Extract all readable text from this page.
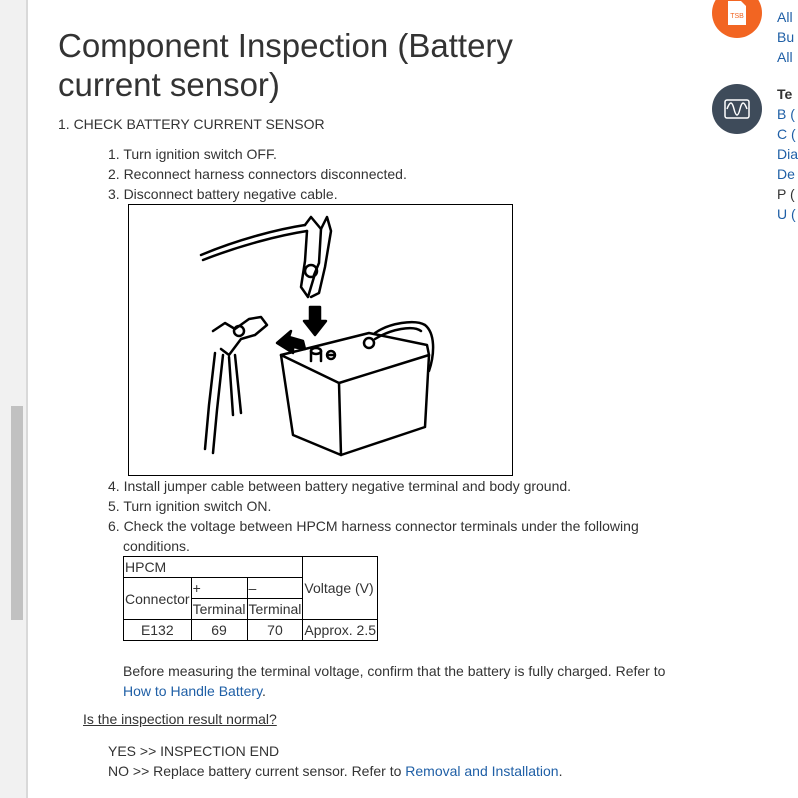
Component Inspection (Battery current sensor)
1. CHECK BATTERY CURRENT SENSOR
1. Turn ignition switch OFF.
2. Reconnect harness connectors disconnected.
3. Disconnect battery negative cable.
4. Install jumper cable between battery negative terminal and body ground.
5. Turn ignition switch ON.
6. Check the voltage between HPCM harness connector terminals under the following
conditions.
HPCM			Voltage (V)
Connector	+	–	
	Terminal	Terminal	
E132	69	70	Approx. 2.5
Before measuring the terminal voltage, confirm that the battery is fully charged. Refer to
How to Handle Battery.
Is the inspection result normal?
YES >> INSPECTION END
NO >> Replace battery current sensor. Refer to Removal and Installation.
TSB All
Bu
All
Te
B (
C (
Dia
De
P (
U (
